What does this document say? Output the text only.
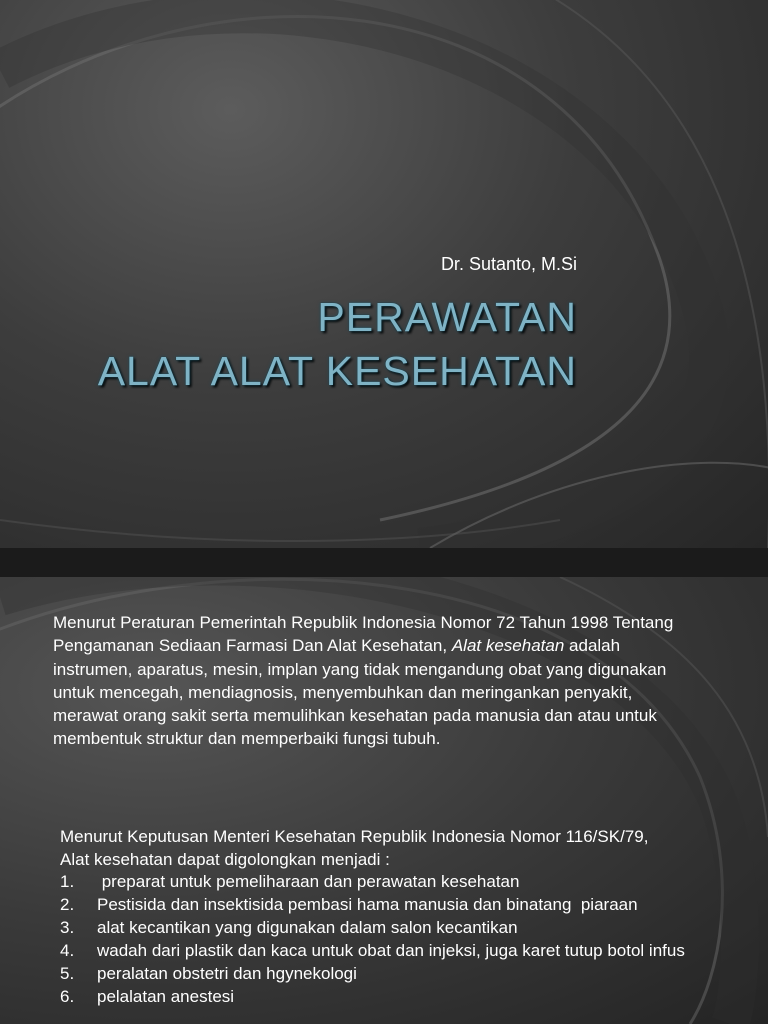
Dr. Sutanto, M.Si
PERAWATAN
ALAT ALAT KESEHATAN
Menurut Peraturan Pemerintah Republik Indonesia Nomor 72 Tahun 1998 Tentang Pengamanan Sediaan Farmasi Dan Alat Kesehatan, Alat kesehatan adalah instrumen, aparatus, mesin, implan yang tidak mengandung obat yang digunakan untuk mencegah, mendiagnosis, menyembuhkan dan meringankan penyakit, merawat orang sakit serta memulihkan kesehatan pada manusia dan atau untuk membentuk struktur dan memperbaiki fungsi tubuh.
Menurut Keputusan Menteri Kesehatan Republik Indonesia Nomor 116/SK/79,
Alat kesehatan dapat digolongkan menjadi :
1.	preparat untuk pemeliharaan dan perawatan kesehatan
2.	Pestisida dan insektisida pembasi hama manusia dan binatang  piaraan
3.	alat kecantikan yang digunakan dalam salon kecantikan
4.	wadah dari plastik dan kaca untuk obat dan injeksi, juga karet tutup botol infus
5.	peralatan obstetri dan hgynekologi
6.	pelalatan anestesi
